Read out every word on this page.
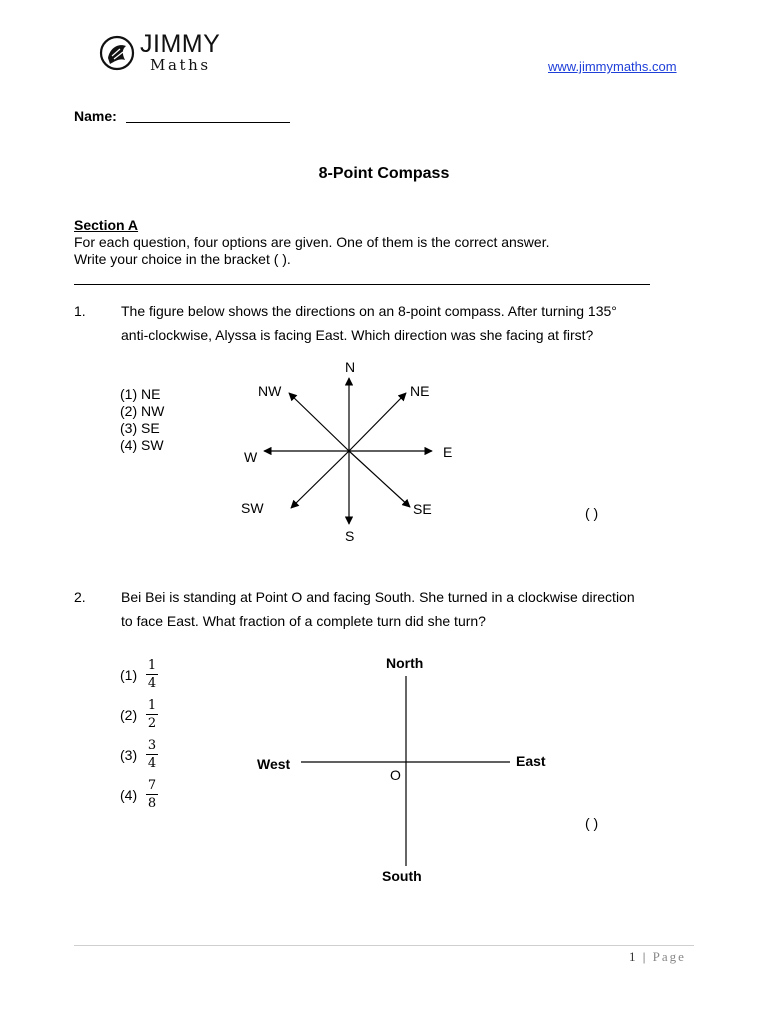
JIMMY
Maths	www.jimmymaths.com
Name:
8-Point Compass
Section A
For each question, four options are given. One of them is the correct answer.
Write your choice in the bracket ( ).
1.	The figure below shows the directions on an 8-point compass. After turning 135°
anti-clockwise, Alyssa is facing East. Which direction was she facing at first?
(1) NE
(2) NW
(3) SE
(4) SW
N
NW	NE
W	E
SW	SE
S
( )
2.	Bei Bei is standing at Point O and facing South. She turned in a clockwise direction
to face East. What fraction of a complete turn did she turn?
(1)
1
4
(2)
1
2
(3)
3
4
(4)
7
8
North
West	East
O
South
( )
1 | Page
